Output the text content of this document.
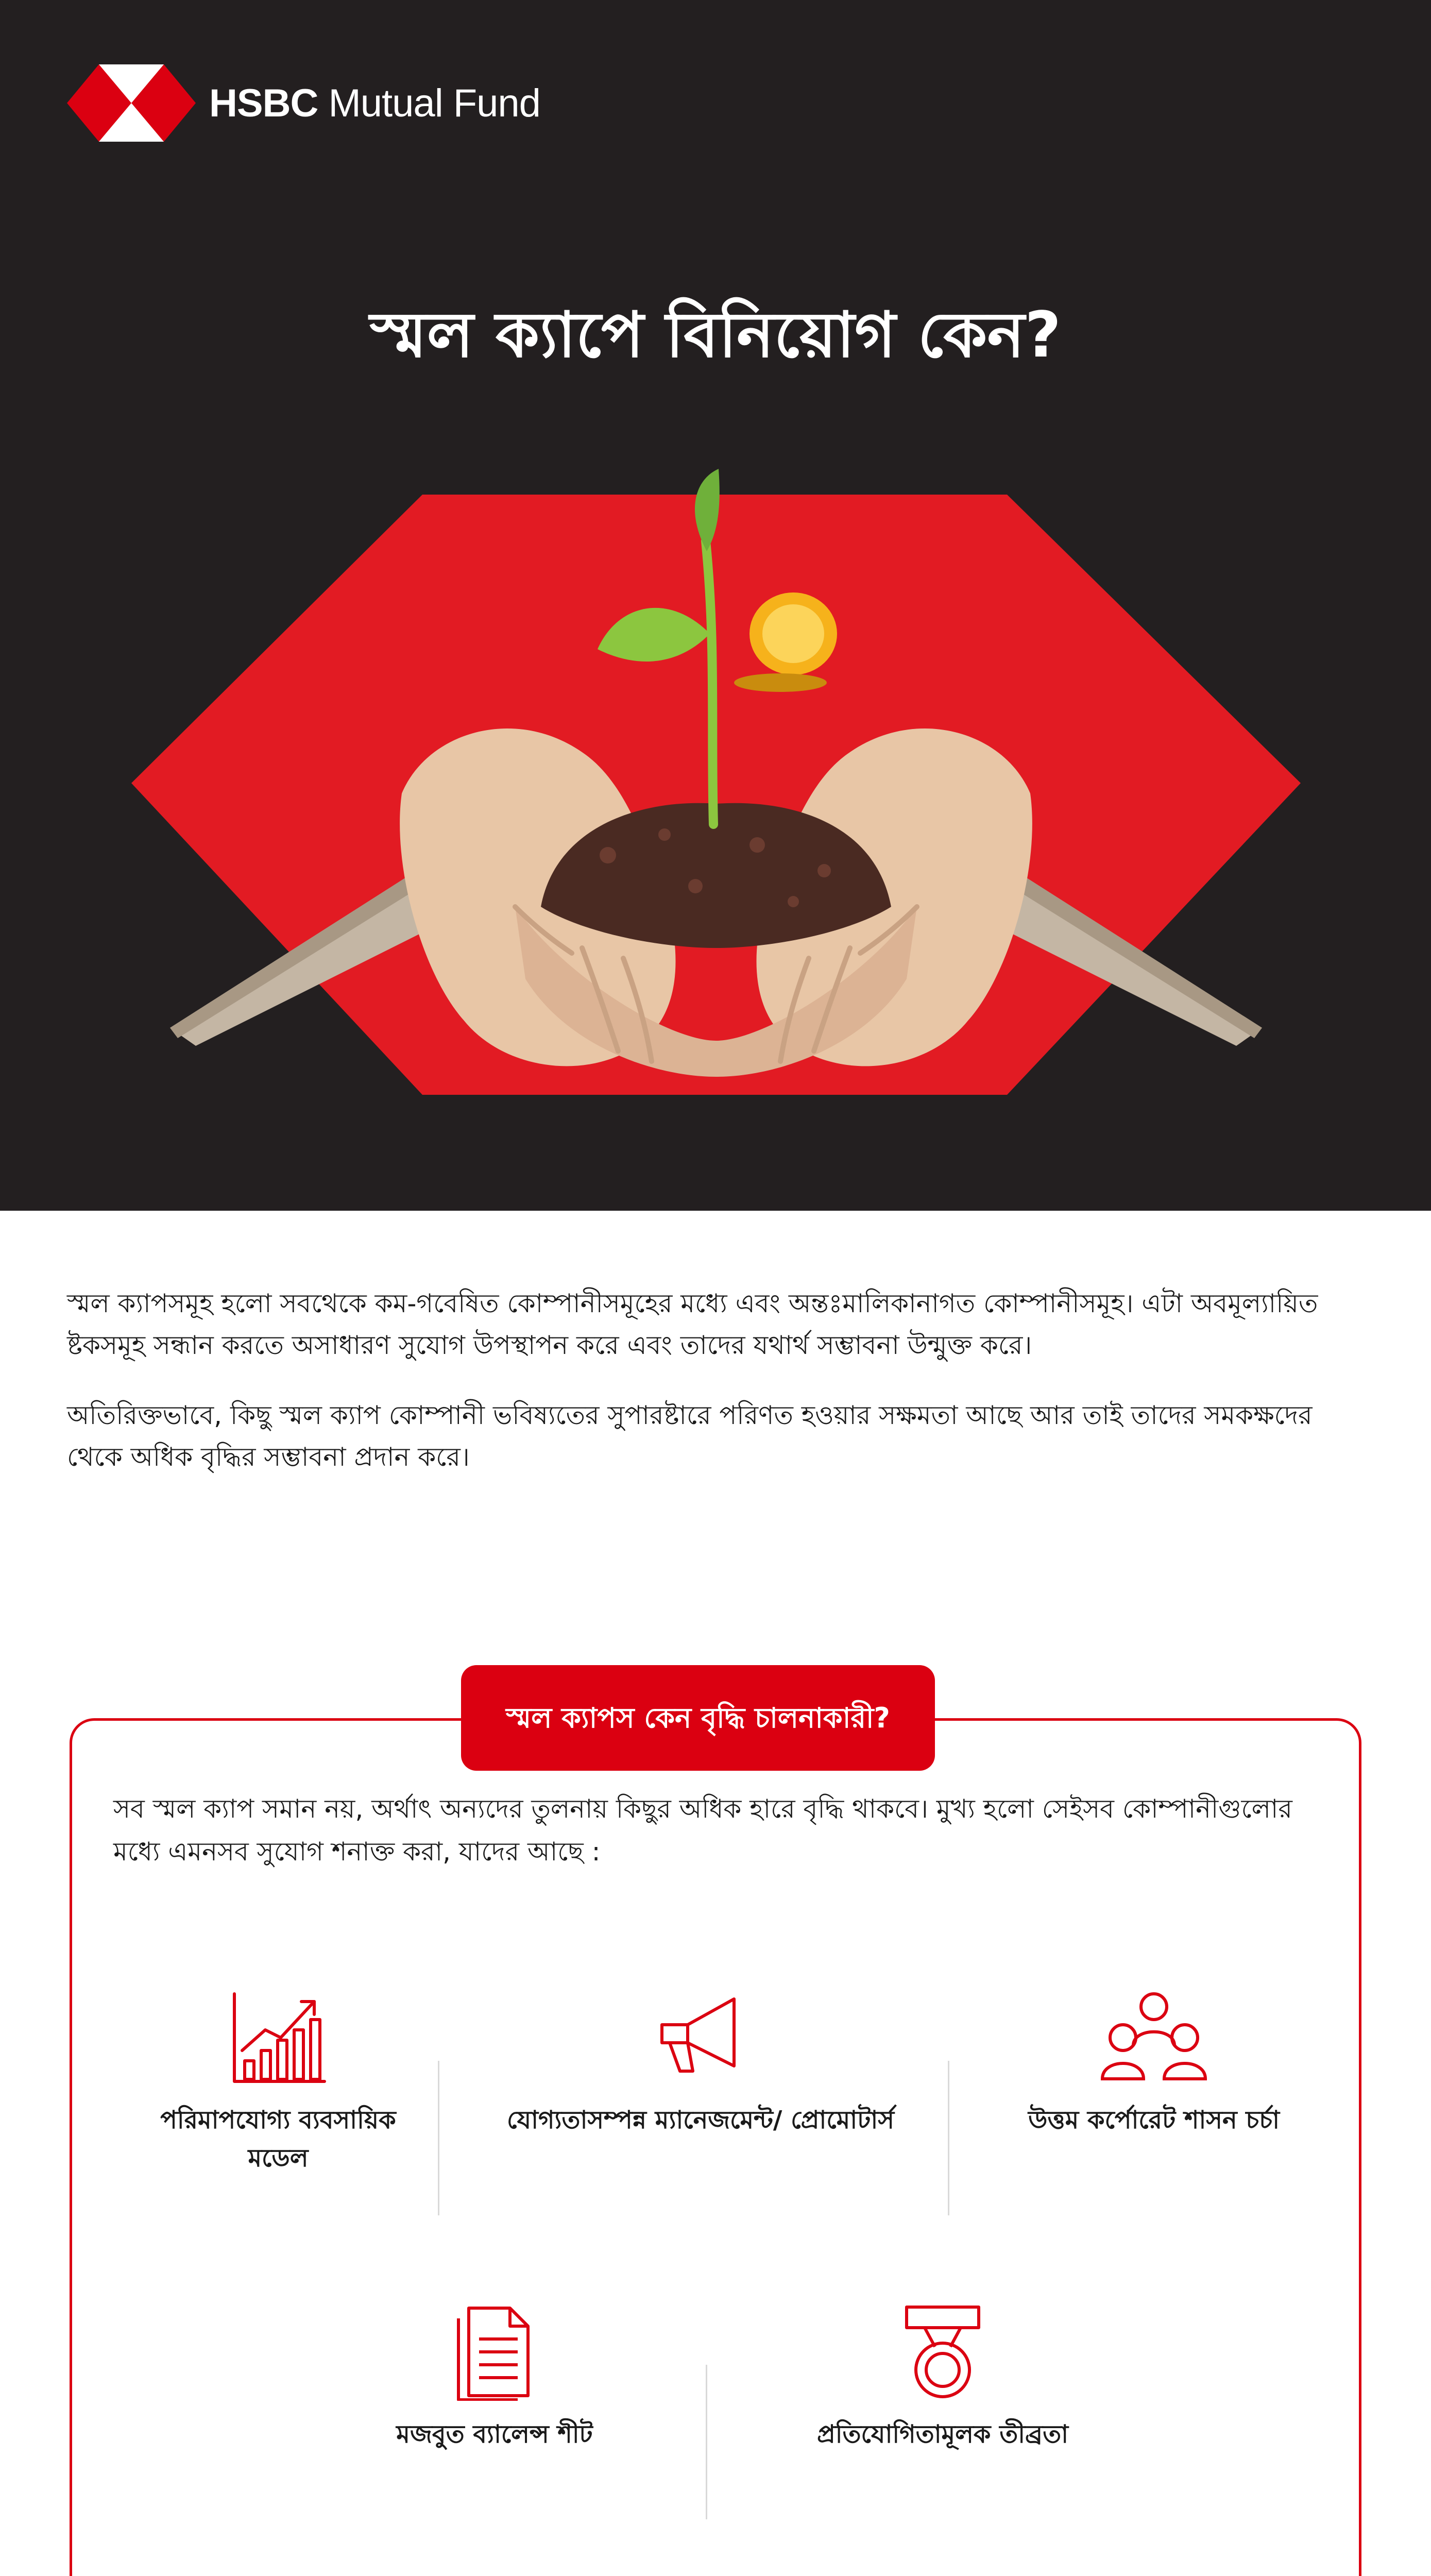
HSBC Mutual Fund
স্মল ক্যাপে বিনিয়োগ কেন?

স্মল ক্যাপসমূহ হলো সবথেকে কম-গবেষিত কোম্পানীসমূহের মধ্যে এবং অন্তঃমালিকানাগত কোম্পানীসমূহ। এটা অবমূল্যায়িত ষ্টকসমূহ সন্ধান করতে অসাধারণ সুযোগ উপস্থাপন করে এবং তাদের যথার্থ সম্ভাবনা উন্মুক্ত করে।

অতিরিক্তভাবে, কিছু স্মল ক্যাপ কোম্পানী ভবিষ্যতের সুপারষ্টারে পরিণত হওয়ার সক্ষমতা আছে আর তাই তাদের সমকক্ষদের থেকে অধিক বৃদ্ধির সম্ভাবনা প্রদান করে।

স্মল ক্যাপস কেন বৃদ্ধি চালনাকারী?

সব স্মল ক্যাপ সমান নয়, অর্থাৎ অন্যদের তুলনায় কিছুর অধিক হারে বৃদ্ধি থাকবে। মুখ্য হলো সেইসব কোম্পানীগুলোর মধ্যে এমনসব সুযোগ শনাক্ত করা, যাদের আছে :

পরিমাপযোগ্য ব্যবসায়িক মডেল
যোগ্যতাসম্পন্ন ম্যানেজমেন্ট/ প্রোমোটার্স	উত্তম কর্পোরেট শাসন চর্চা
মজবুত ব্যালেন্স শীট	প্রতিযোগিতামূলক তীব্রতা
